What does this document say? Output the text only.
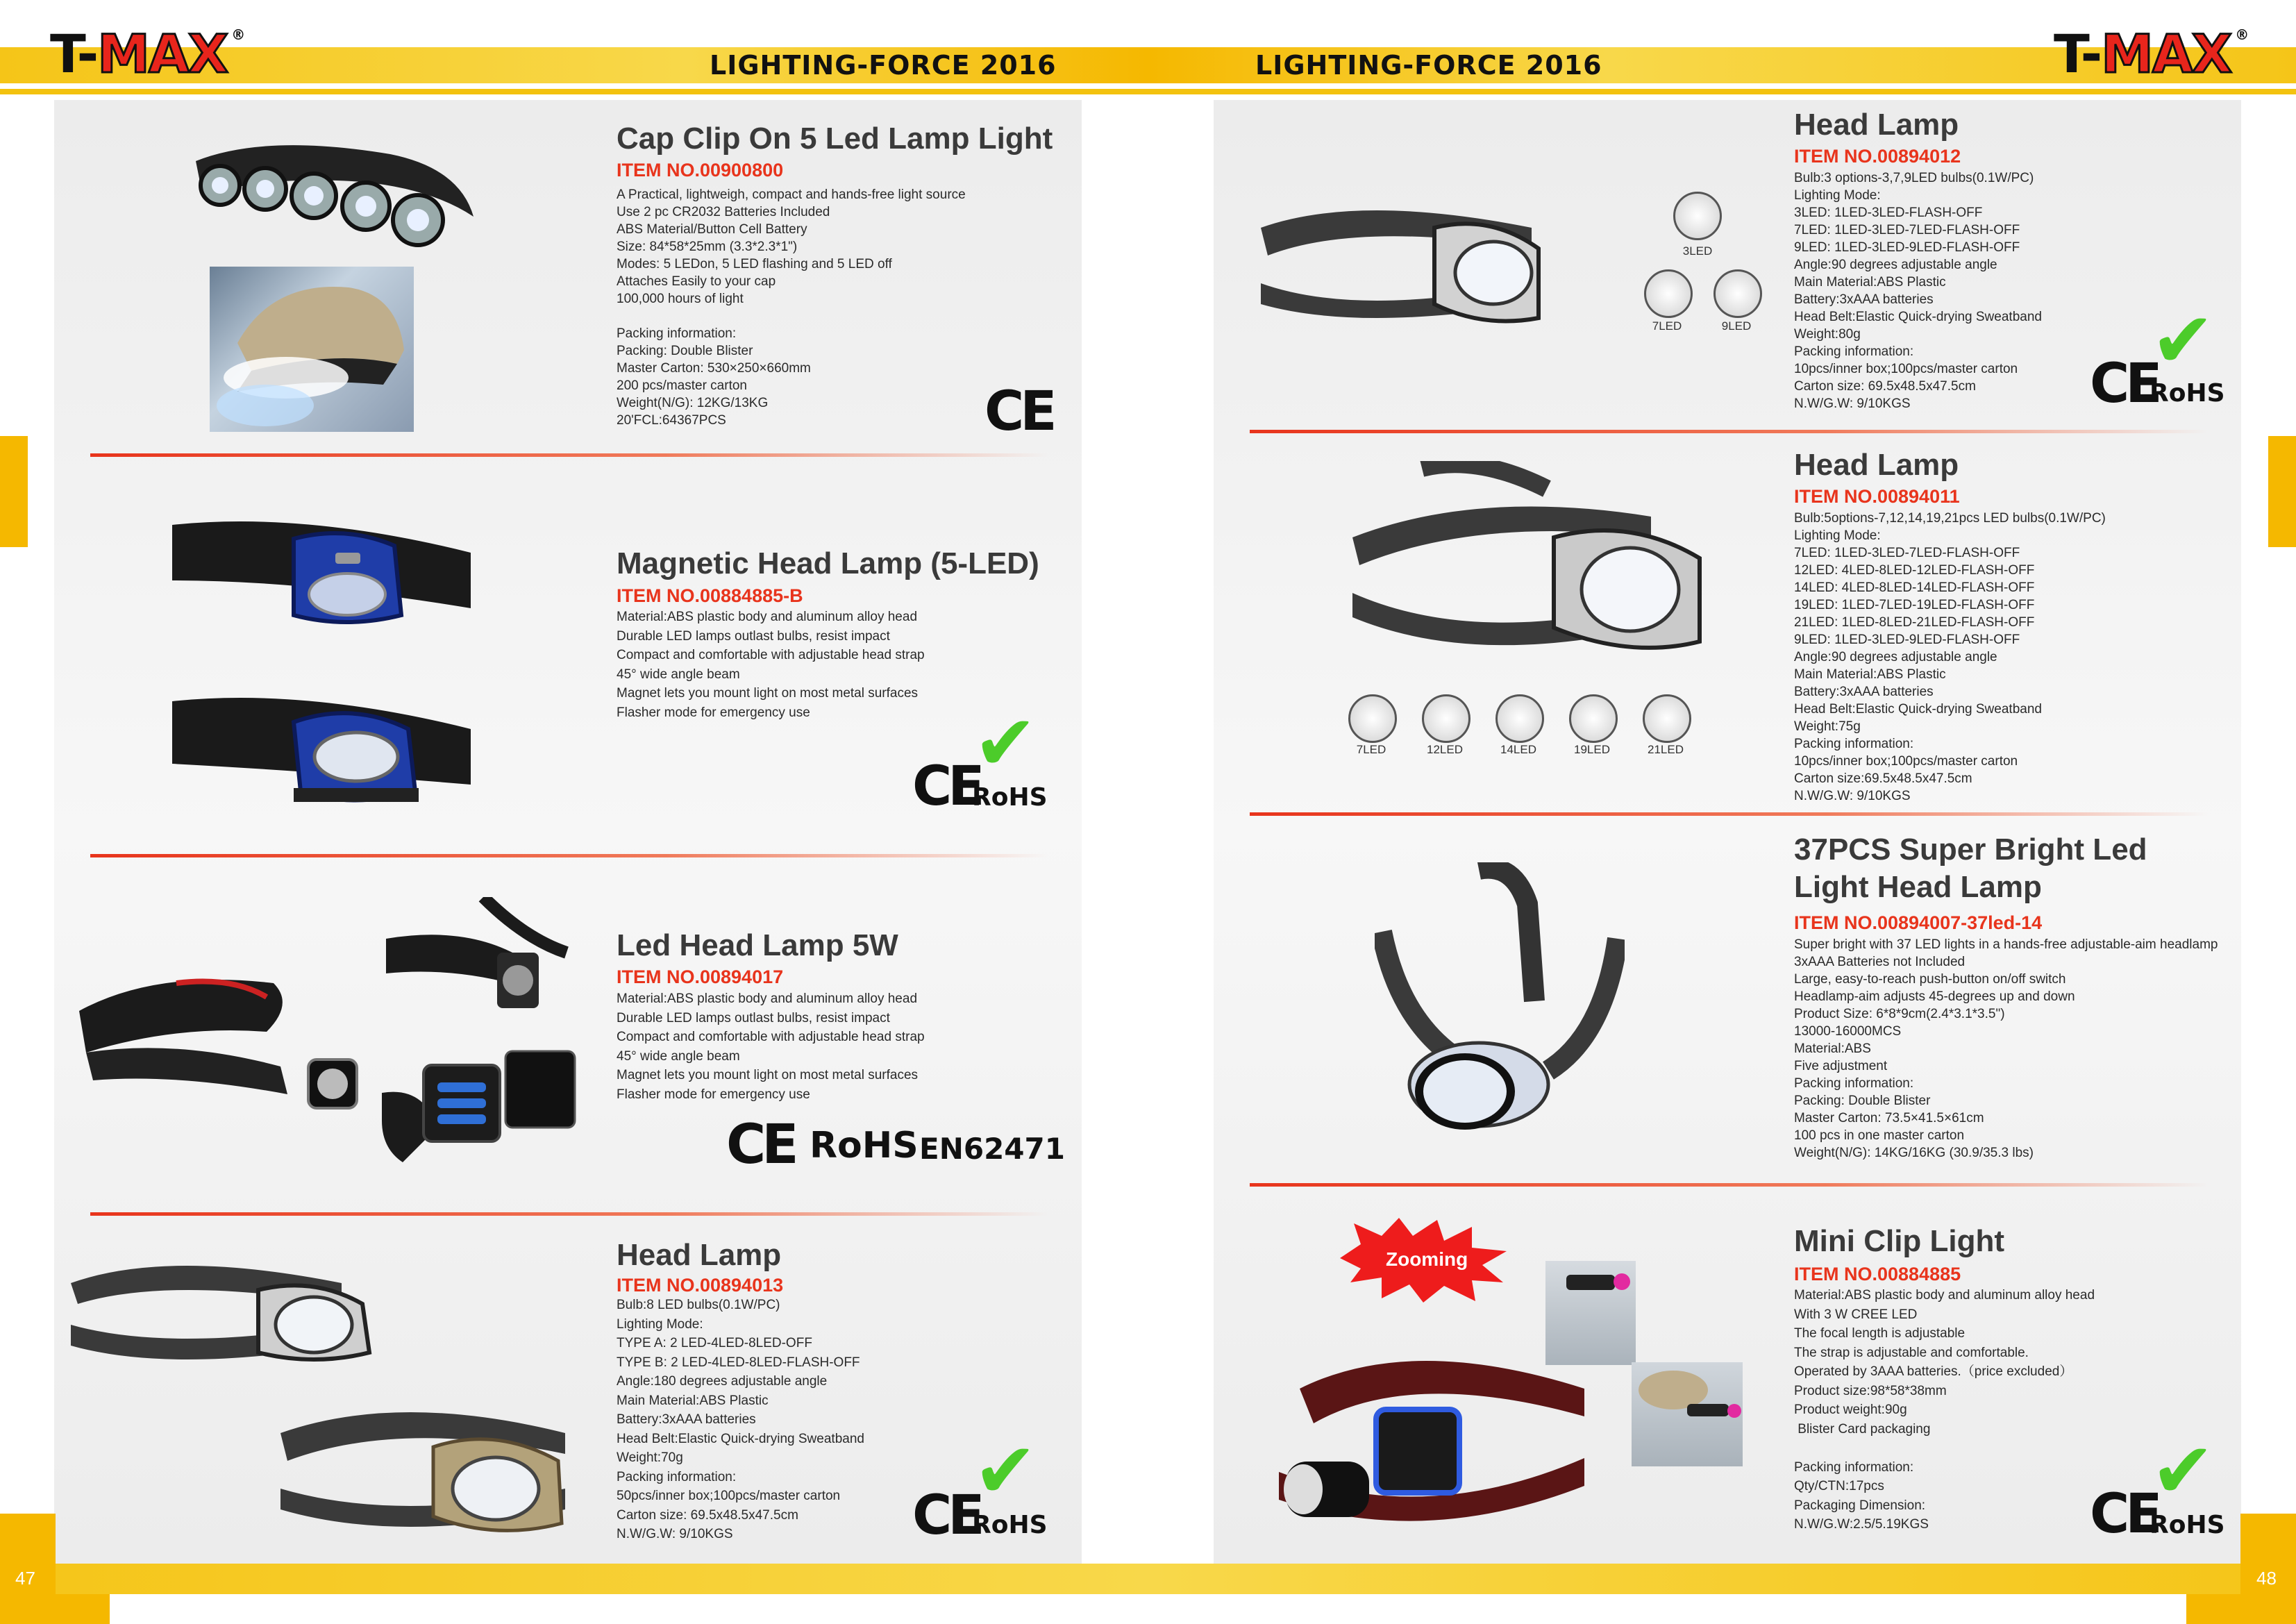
T-MAX ®	T-MAX ®
LIGHTING-FORCE 2016	LIGHTING-FORCE 2016
47	48
Cap Clip On 5 Led Lamp Light
ITEM NO.00900800
A Practical, lightweigh, compact and hands-free light source
Use 2 pc CR2032 Batteries Included
ABS Material/Button Cell Battery
Size: 84*58*25mm (3.3*2.3*1")
Modes: 5 LEDon, 5 LED flashing and 5 LED off
Attaches Easily to your cap
100,000 hours of light

Packing information:
Packing: Double Blister
Master Carton: 530×250×660mm
200 pcs/master carton
Weight(N/G): 12KG/13KG
20'FCL:64367PCS	CE
Magnetic Head Lamp (5-LED)
ITEM NO.00884885-B
Material:ABS plastic body and aluminum alloy head
Durable LED lamps outlast bulbs, resist impact
Compact and comfortable with adjustable head strap
45° wide angle beam
Magnet lets you mount light on most metal surfaces
Flasher mode for emergency use
CE
✔
RoHS
Led Head Lamp 5W
ITEM NO.00894017
Material:ABS plastic body and aluminum alloy head
Durable LED lamps outlast bulbs, resist impact
Compact and comfortable with adjustable head strap
45° wide angle beam
Magnet lets you mount light on most metal surfaces
Flasher mode for emergency use
CE RoHS EN62471
Head Lamp
ITEM NO.00894013
Bulb:8 LED bulbs(0.1W/PC)
Lighting Mode:
TYPE A: 2 LED-4LED-8LED-OFF
TYPE B: 2 LED-4LED-8LED-FLASH-OFF
Angle:180 degrees adjustable angle
Main Material:ABS Plastic
Battery:3xAAA batteries
Head Belt:Elastic Quick-drying Sweatband
Weight:70g
Packing information:
50pcs/inner box;100pcs/master carton
Carton size: 69.5x48.5x47.5cm
N.W/G.W: 9/10KGS	CE
✔
RoHS
3LED
7LED	9LED
Head Lamp
ITEM NO.00894012
Bulb:3 options-3,7,9LED bulbs(0.1W/PC)
Lighting Mode:
3LED: 1LED-3LED-FLASH-OFF
7LED: 1LED-3LED-7LED-FLASH-OFF
9LED: 1LED-3LED-9LED-FLASH-OFF
Angle:90 degrees adjustable angle
Main Material:ABS Plastic
Battery:3xAAA batteries
Head Belt:Elastic Quick-drying Sweatband
Weight:80g
Packing information:
10pcs/inner box;100pcs/master carton
Carton size: 69.5x48.5x47.5cm
N.W/G.W: 9/10KGS	CE
✔
RoHS
7LED	12LED	14LED	19LED	21LED
Head Lamp
ITEM NO.00894011
Bulb:5options-7,12,14,19,21pcs LED bulbs(0.1W/PC)
Lighting Mode:
7LED: 1LED-3LED-7LED-FLASH-OFF
12LED: 4LED-8LED-12LED-FLASH-OFF
14LED: 4LED-8LED-14LED-FLASH-OFF
19LED: 1LED-7LED-19LED-FLASH-OFF
21LED: 1LED-8LED-21LED-FLASH-OFF
9LED: 1LED-3LED-9LED-FLASH-OFF
Angle:90 degrees adjustable angle
Main Material:ABS Plastic
Battery:3xAAA batteries
Head Belt:Elastic Quick-drying Sweatband
Weight:75g
Packing information:
10pcs/inner box;100pcs/master carton
Carton size:69.5x48.5x47.5cm
N.W/G.W: 9/10KGS
37PCS Super Bright Led
Light Head Lamp
ITEM NO.00894007-37led-14
Super bright with 37 LED lights in a hands-free adjustable-aim headlamp
3xAAA Batteries not Included
Large, easy-to-reach push-button on/off switch
Headlamp-aim adjusts 45-degrees up and down
Product Size: 6*8*9cm(2.4*3.1*3.5")
13000-16000MCS
Material:ABS
Five adjustment
Packing information:
Packing: Double Blister
Master Carton: 73.5×41.5×61cm
100 pcs in one master carton
Weight(N/G): 14KG/16KG (30.9/35.3 lbs)
Zooming
Mini Clip Light
ITEM NO.00884885
Material:ABS plastic body and aluminum alloy head
With 3 W CREE LED
The focal length is adjustable
The strap is adjustable and comfortable.
Operated by 3AAA batteries.（price excluded）
Product size:98*58*38mm
Product weight:90g
Blister Card packaging

Packing information:
Qty/CTN:17pcs
Packaging Dimension:
N.W/G.W:2.5/5.19KGS	CE
✔
RoHS
